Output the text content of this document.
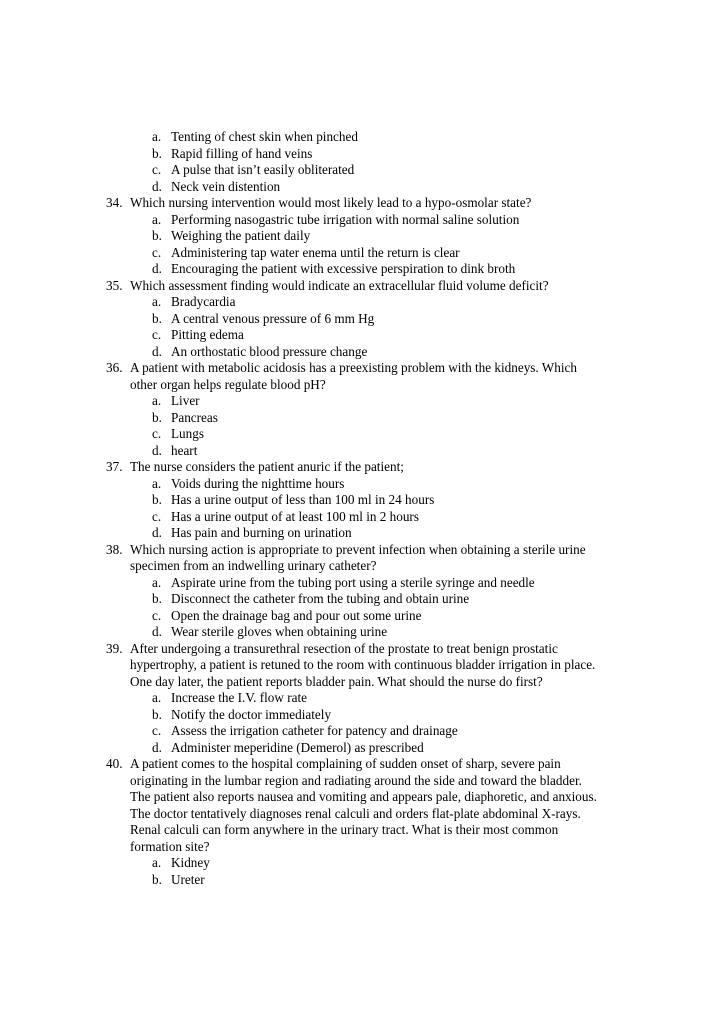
a. Tenting of chest skin when pinched
b. Rapid filling of hand veins
c. A pulse that isn’t easily obliterated
d. Neck vein distention
34. Which nursing intervention would most likely lead to a hypo-osmolar state?
a. Performing nasogastric tube irrigation with normal saline solution
b. Weighing the patient daily
c. Administering tap water enema until the return is clear
d. Encouraging the patient with excessive perspiration to dink broth
35. Which assessment finding would indicate an extracellular fluid volume deficit?
a. Bradycardia
b. A central venous pressure of 6 mm Hg
c. Pitting edema
d. An orthostatic blood pressure change
36. A patient with metabolic acidosis has a preexisting problem with the kidneys. Which
other organ helps regulate blood pH?
a. Liver
b. Pancreas
c. Lungs
d. heart
37. The nurse considers the patient anuric if the patient;
a. Voids during the nighttime hours
b. Has a urine output of less than 100 ml in 24 hours
c. Has a urine output of at least 100 ml in 2 hours
d. Has pain and burning on urination
38. Which nursing action is appropriate to prevent infection when obtaining a sterile urine
specimen from an indwelling urinary catheter?
a. Aspirate urine from the tubing port using a sterile syringe and needle
b. Disconnect the catheter from the tubing and obtain urine
c. Open the drainage bag and pour out some urine
d. Wear sterile gloves when obtaining urine
39. After undergoing a transurethral resection of the prostate to treat benign prostatic
hypertrophy, a patient is retuned to the room with continuous bladder irrigation in place.
One day later, the patient reports bladder pain. What should the nurse do first?
a. Increase the I.V. flow rate
b. Notify the doctor immediately
c. Assess the irrigation catheter for patency and drainage
d. Administer meperidine (Demerol) as prescribed
40. A patient comes to the hospital complaining of sudden onset of sharp, severe pain
originating in the lumbar region and radiating around the side and toward the bladder.
The patient also reports nausea and vomiting and appears pale, diaphoretic, and anxious.
The doctor tentatively diagnoses renal calculi and orders flat-plate abdominal X-rays.
Renal calculi can form anywhere in the urinary tract. What is their most common
formation site?
a. Kidney
b. Ureter
